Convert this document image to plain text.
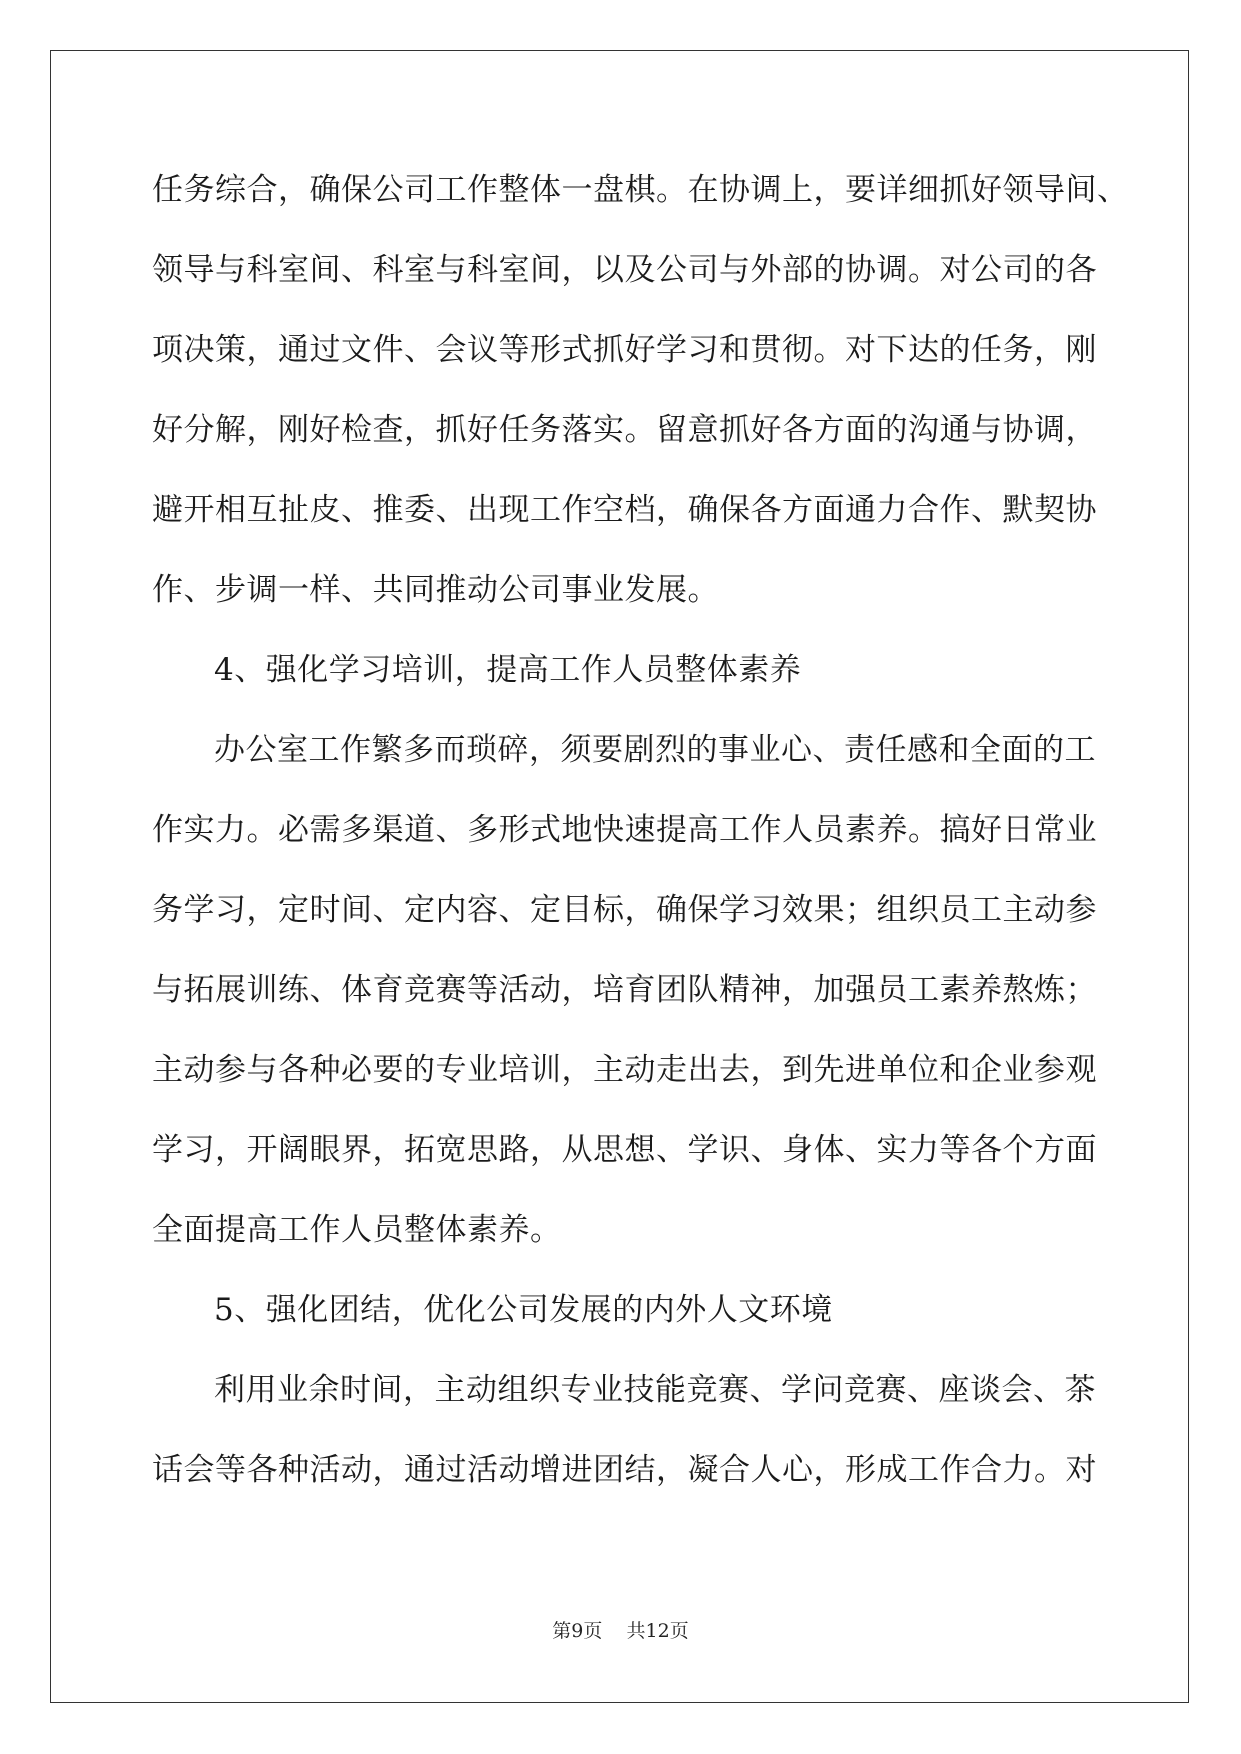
任务综合，确保公司工作整体一盘棋。在协调上，要详细抓好领导间、
领导与科室间、科室与科室间，以及公司与外部的协调。对公司的各
项决策，通过文件、会议等形式抓好学习和贯彻。对下达的任务，刚
好分解，刚好检查，抓好任务落实。留意抓好各方面的沟通与协调，
避开相互扯皮、推委、出现工作空档，确保各方面通力合作、默契协
作、步调一样、共同推动公司事业发展。
4、强化学习培训，提高工作人员整体素养
办公室工作繁多而琐碎，须要剧烈的事业心、责任感和全面的工
作实力。必需多渠道、多形式地快速提高工作人员素养。搞好日常业
务学习，定时间、定内容、定目标，确保学习效果；组织员工主动参
与拓展训练、体育竞赛等活动，培育团队精神，加强员工素养熬炼；
主动参与各种必要的专业培训，主动走出去，到先进单位和企业参观
学习，开阔眼界，拓宽思路，从思想、学识、身体、实力等各个方面
全面提高工作人员整体素养。
5、强化团结，优化公司发展的内外人文环境
利用业余时间，主动组织专业技能竞赛、学问竞赛、座谈会、茶
话会等各种活动，通过活动增进团结，凝合人心，形成工作合力。对
第9页 共12页
